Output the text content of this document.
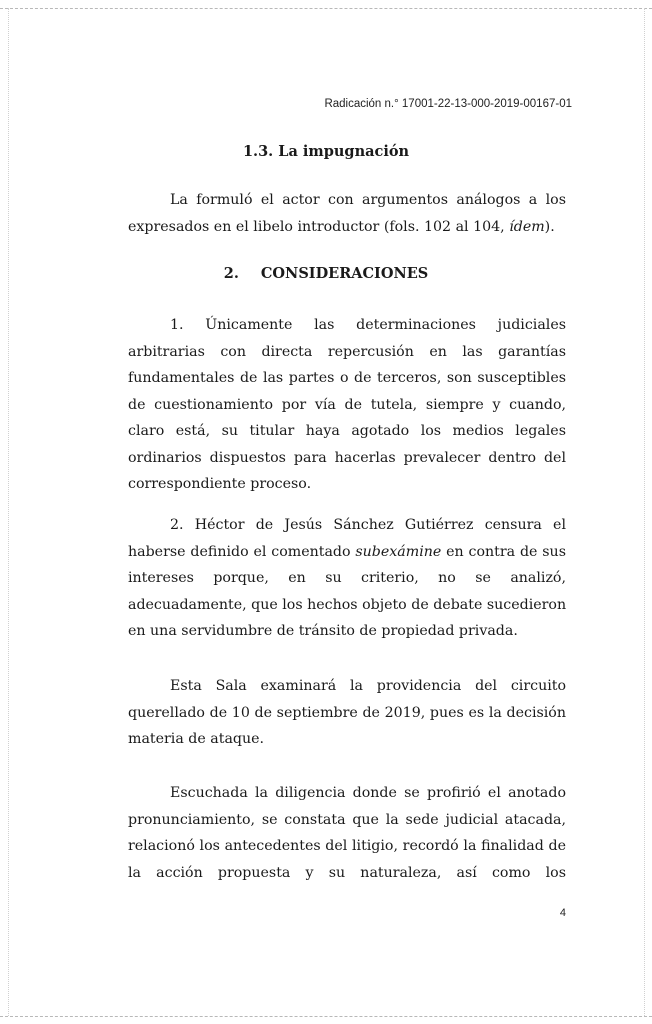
Radicación n.° 17001-22-13-000-2019-00167-01
1.3. La impugnación
La formuló el actor con argumentos análogos a los
expresados en el libelo introductor (fols. 102 al 104, ídem).
2. CONSIDERACIONES
1. Únicamente las determinaciones judiciales
arbitrarias con directa repercusión en las garantías
fundamentales de las partes o de terceros, son susceptibles
de cuestionamiento por vía de tutela, siempre y cuando,
claro está, su titular haya agotado los medios legales
ordinarios dispuestos para hacerlas prevalecer dentro del
correspondiente proceso.
2. Héctor de Jesús Sánchez Gutiérrez censura el
haberse definido el comentado subexámine en contra de sus
intereses porque, en su criterio, no se analizó,
adecuadamente, que los hechos objeto de debate sucedieron
en una servidumbre de tránsito de propiedad privada.
Esta Sala examinará la providencia del circuito
querellado de 10 de septiembre de 2019, pues es la decisión
materia de ataque.
Escuchada la diligencia donde se profirió el anotado
pronunciamiento, se constata que la sede judicial atacada,
relacionó los antecedentes del litigio, recordó la finalidad de
la acción propuesta y su naturaleza, así como los
4
